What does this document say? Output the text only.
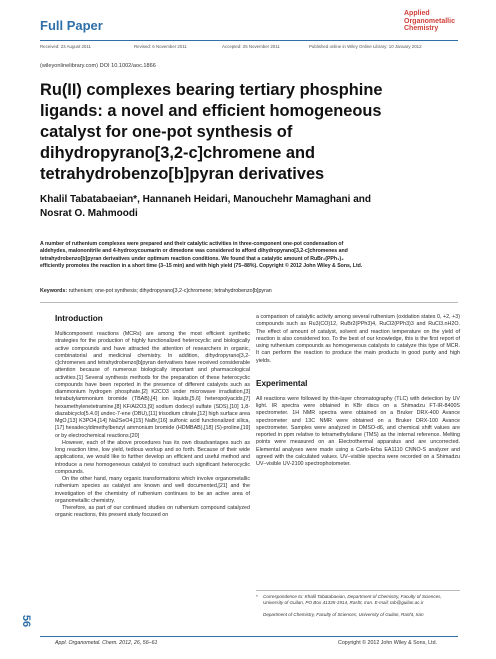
Full Paper
Applied
Organometallic
Chemistry
Received: 23 August 2011	Revised: 6 November 2011	Accepted: 25 November 2011	Published online in Wiley Online Library: 10 January 2012
(wileyonlinelibrary.com) DOI 10.1002/aoc.1866
Ru(II) complexes bearing tertiary phosphine
ligands: a novel and efficient homogeneous
catalyst for one-pot synthesis of
dihydropyrano[3,2-c]chromene and
tetrahydrobenzo[b]pyran derivatives
Khalil Tabatabaeian*, Hannaneh Heidari, Manouchehr Mamaghani and
Nosrat O. Mahmoodi
A number of ruthenium complexes were prepared and their catalytic activities in three-component one-pot condensation of
aldehydes, malononitrile and 4-hydroxycoumarin or dimedone was considered to afford dihydropyrano[3,2-c]chromenes and
tetrahydrobenzo[b]pyran derivatives under optimum reaction conditions. We found that a catalytic amount of RuBr₂(PPh₃)₄
efficiently promotes the reaction in a short time (3–15 min) and with high yield (75–88%). Copyright © 2012 John Wiley & Sons, Ltd.
Keywords: ruthenium; one-pot synthesis; dihydropyrano[3,2-c]chromene; tetrahydrobenzo[b]pyran

Introduction

Multicomponent reactions (MCRs) are among the most efficient synthetic strategies for the production of highly functionalized heterocyclic and biologically active compounds and have attracted the attention of researchers in organic, combinatorial and medicinal chemistry. In addition, dihydropyrano[3,2-c]chromenes and tetrahydrobenzo[b]pyran derivatives have received considerable attention because of numerous biologically important and pharmacological activities.[1] Several synthesis methods for the preparation of these heterocyclic compounds have been reported in the presence of different catalysts such as diammonium hydrogen phosphate,[2] K2CO3 under microwave irradiation,[3] tetrabutylammonium bromide (TBAB),[4] ion liquids,[5,6] heteropolyacids,[7] hexamethylenetetramine,[8] KF/Al2O3,[9] sodium dodecyl sulfate (SDS),[10] 1,8-diazabicyclo[5.4.0] undec-7-ene (DBU),[11] trisodium citrate,[12] high surface area MgO,[13] K3PO4,[14] Na2SeO4,[15] NaBr,[16] sulfonic acid functionalized silica,[17] hexadecyldimethylbenzyl ammonium bromide (HDMBAB),[18] (S)-proline,[19] or by electrochemical reactions.[20]

However, each of the above procedures has its own disadvantages such as long reaction time, low yield, tedious workup and so forth. Because of their wide applications, we would like to further develop an efficient and useful method and introduce a new homogeneous catalyst to construct such significant heterocyclic compounds.

On the other hand, many organic transformations which involve organometallic ruthenium species as catalyst are known and well documented,[21] and the investigation of the chemistry of ruthenium continues to be an active area of organometallic chemistry.

Therefore, as part of our continued studies on ruthenium compound catalyzed organic reactions, this present study focused on

a comparison of catalytic activity among several ruthenium (oxidation states 0, +2, +3) compounds such as Ru3(CO)12, RuBr2(PPh3)4, RuCl2(PPh3)3 and RuCl3.nH2O. The effect of amount of catalyst, solvent and reaction temperature on the yield of reaction is also considered too. To the best of our knowledge, this is the first report of using ruthenium compounds as homogeneous catalysts to catalyze this type of MCR. It can perform the reaction to produce the main products in good purity and high yields.

Experimental

All reactions were followed by thin-layer chromatography (TLC) with detection by UV light. IR spectra were obtained in KBr discs on a Shimadzu FT-IR-8400S spectrometer. 1H NMR spectra were obtained on a Bruker DRX-400 Avance spectrometer and 13C NMR were obtained on a Bruker DRX-100 Avance spectrometer. Samples were analyzed in DMSO-d6, and chemical shift values are reported in ppm relative to tetramethylsilane (TMS) as the internal reference. Melting points were measured on an Electrothermal apparatus and are uncorrected. Elemental analyses were made using a Carlo-Erba EA1110 CNNO-S analyzer and agreed with the calculated values. UV–visible spectra were recorded on a Shimadzu UV–visible UV-2100 spectrophotometer.

*	Correspondence to: Khalil Tabatabaeian, Department of Chemistry, Faculty of Sciences, University of Guilan, PO Box 41335-1914, Rasht, Iran. E-mail: tab@guilan.ac.ir
Department of Chemistry, Faculty of Sciences, University of Guilan, Rasht, Iran
56
Appl. Organometal. Chem. 2012, 26, 56–61	Copyright © 2012 John Wiley & Sons, Ltd.
